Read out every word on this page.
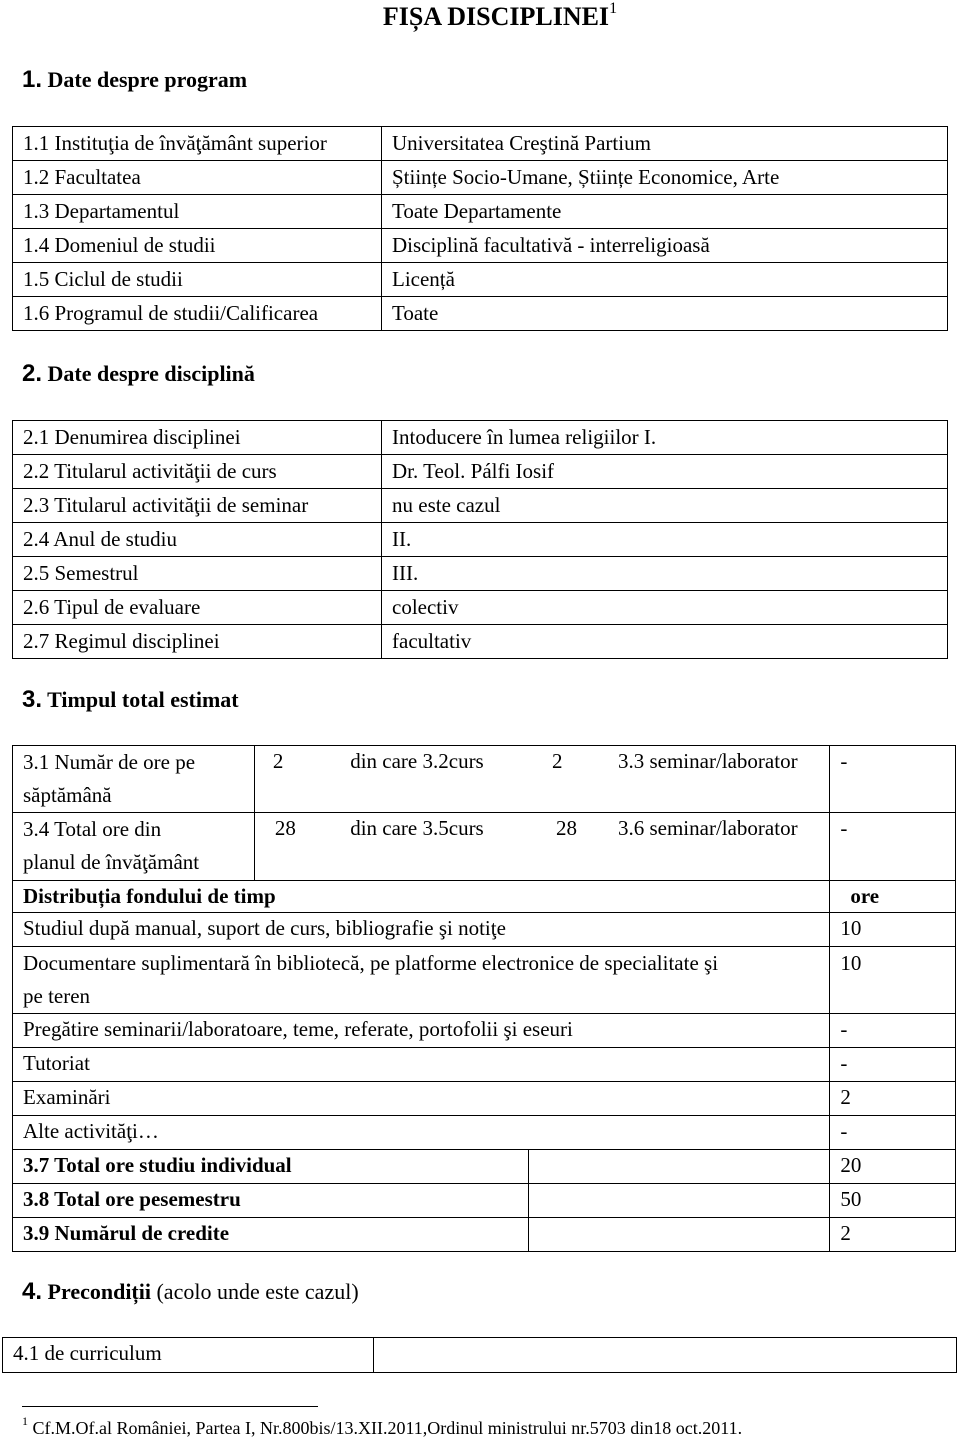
FIȘA DISCIPLINEI$^1$
1. Date despre program
1.1 Instituţia de învăţământ superior	Universitatea Creştină Partium
1.2 Facultatea	Științe Socio-Umane, Științe Economice, Arte
1.3 Departamentul	Toate Departamente
1.4 Domeniul de studii	Disciplină facultativă - interreligioasă
1.5 Ciclul de studii	Licență
1.6 Programul de studii/Calificarea	Toate
2. Date despre disciplină
2.1 Denumirea disciplinei	Intoducere în lumea religiilor I.
2.2 Titularul activităţii de curs	Dr. Teol. Pálfi Iosif
2.3 Titularul activităţii de seminar	nu este cazul
2.4 Anul de studiu	II.
2.5 Semestrul	III.
2.6 Tipul de evaluare	colectiv
2.7 Regimul disciplinei	facultativ
3. Timpul total estimat
3.1 Număr de ore pe
săptămână	2	din care 3.2curs	2	3.3 seminar/laborator	-
3.4 Total ore din
planul de învăţământ	28	din care 3.5curs	28	3.6 seminar/laborator	-
Distribuția fondului de timp					ore
Studiul după manual, suport de curs, bibliografie şi notiţe					10
Documentare suplimentară în bibliotecă, pe platforme electronice de specialitate şi
pe teren					10
Pregătire seminarii/laboratoare, teme, referate, portofolii şi eseuri					-
Tutoriat					-
Examinări					2
Alte activităţi…					-
3.7 Total ore studiu individual					20
3.8 Total ore pesemestru					50
3.9 Numărul de credite					2
4. Precondiții (acolo unde este cazul)
4.1 de curriculum	
$^1$ Cf.M.Of.al României, Partea I, Nr.800bis/13.XII.2011,Ordinul ministrului nr.5703 din18 oct.2011.
